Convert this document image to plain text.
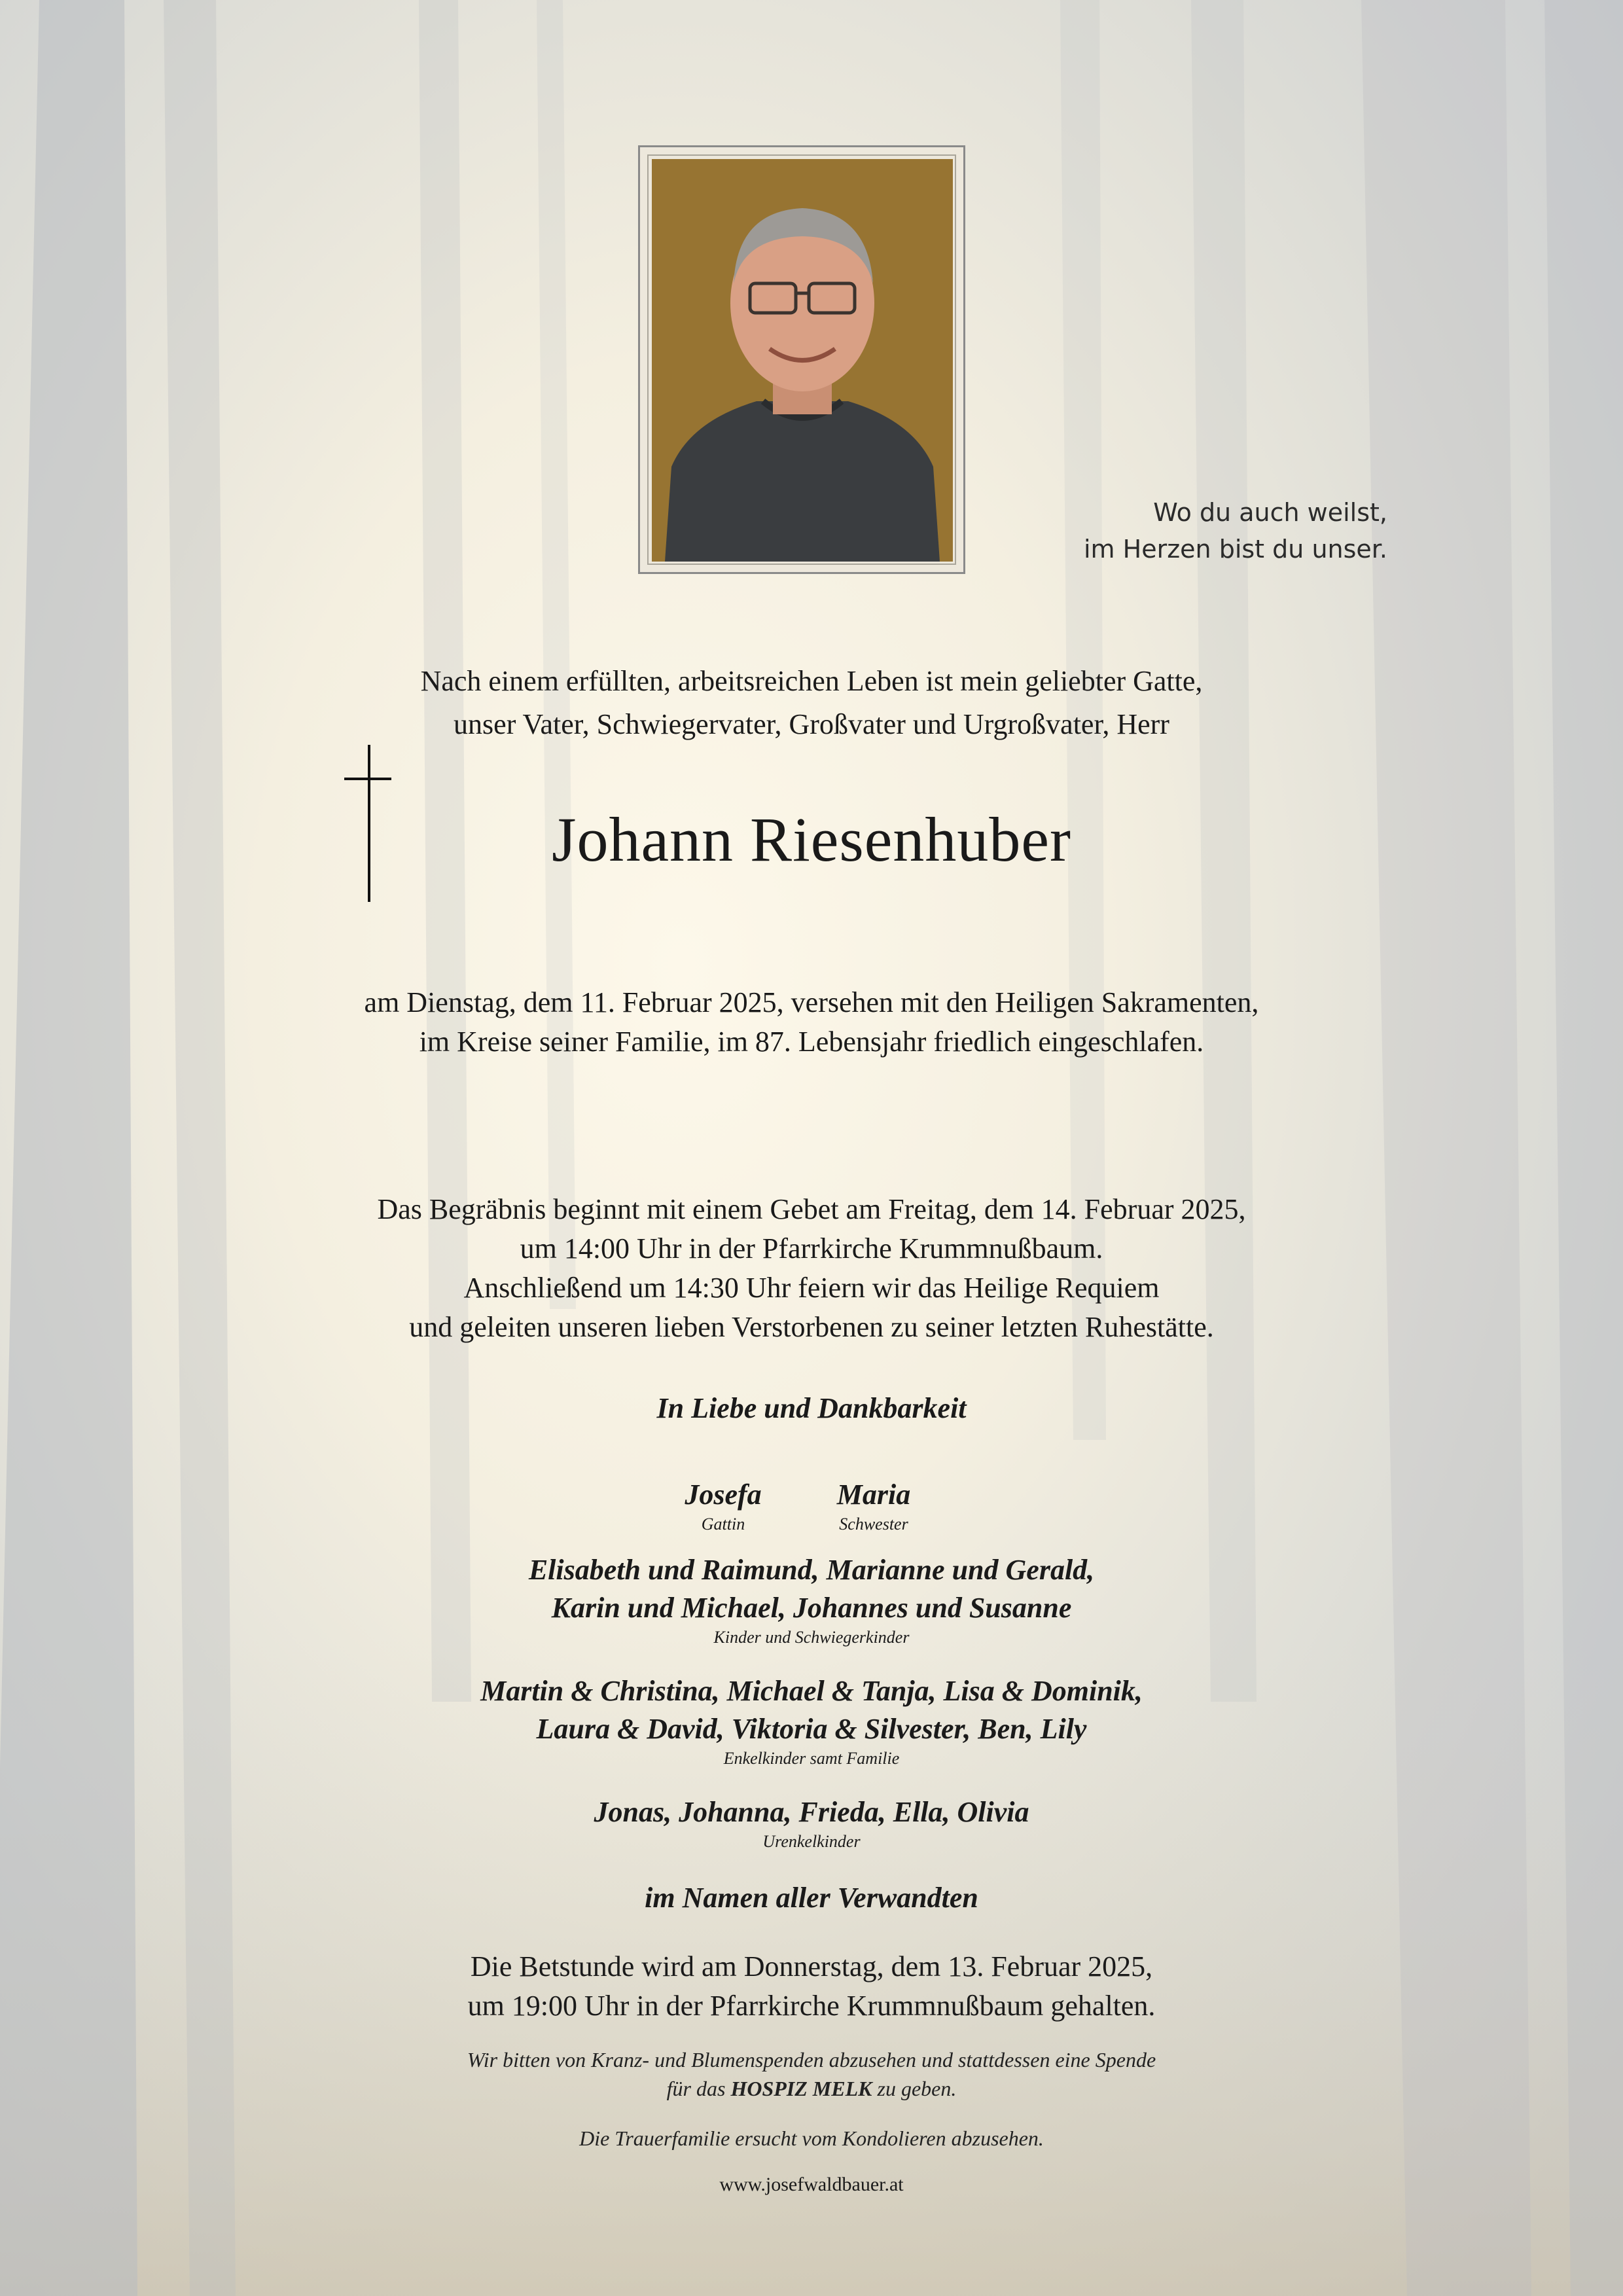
Wo du auch weilst,
im Herzen bist du unser.
Nach einem erfüllten, arbeitsreichen Leben ist mein geliebter Gatte,
unser Vater, Schwiegervater, Großvater und Urgroßvater, Herr
Johann Riesenhuber
am Dienstag, dem 11. Februar 2025, versehen mit den Heiligen Sakramenten,
im Kreise seiner Familie, im 87. Lebensjahr friedlich eingeschlafen.
Das Begräbnis beginnt mit einem Gebet am Freitag, dem 14. Februar 2025,
um 14:00 Uhr in der Pfarrkirche Krummnußbaum.
Anschließend um 14:30 Uhr feiern wir das Heilige Requiem
und geleiten unseren lieben Verstorbenen zu seiner letzten Ruhestätte.
In Liebe und Dankbarkeit
Josefa
Gattin
Maria
Schwester
Elisabeth und Raimund, Marianne und Gerald,
Karin und Michael, Johannes und Susanne
Kinder und Schwiegerkinder
Martin & Christina, Michael & Tanja, Lisa & Dominik,
Laura & David, Viktoria & Silvester, Ben, Lily
Enkelkinder samt Familie
Jonas, Johanna, Frieda, Ella, Olivia
Urenkelkinder
im Namen aller Verwandten
Die Betstunde wird am Donnerstag, dem 13. Februar 2025,
um 19:00 Uhr in der Pfarrkirche Krummnußbaum gehalten.
Wir bitten von Kranz- und Blumenspenden abzusehen und stattdessen eine Spende
für das HOSPIZ MELK zu geben.
Die Trauerfamilie ersucht vom Kondolieren abzusehen.
www.josefwaldbauer.at
